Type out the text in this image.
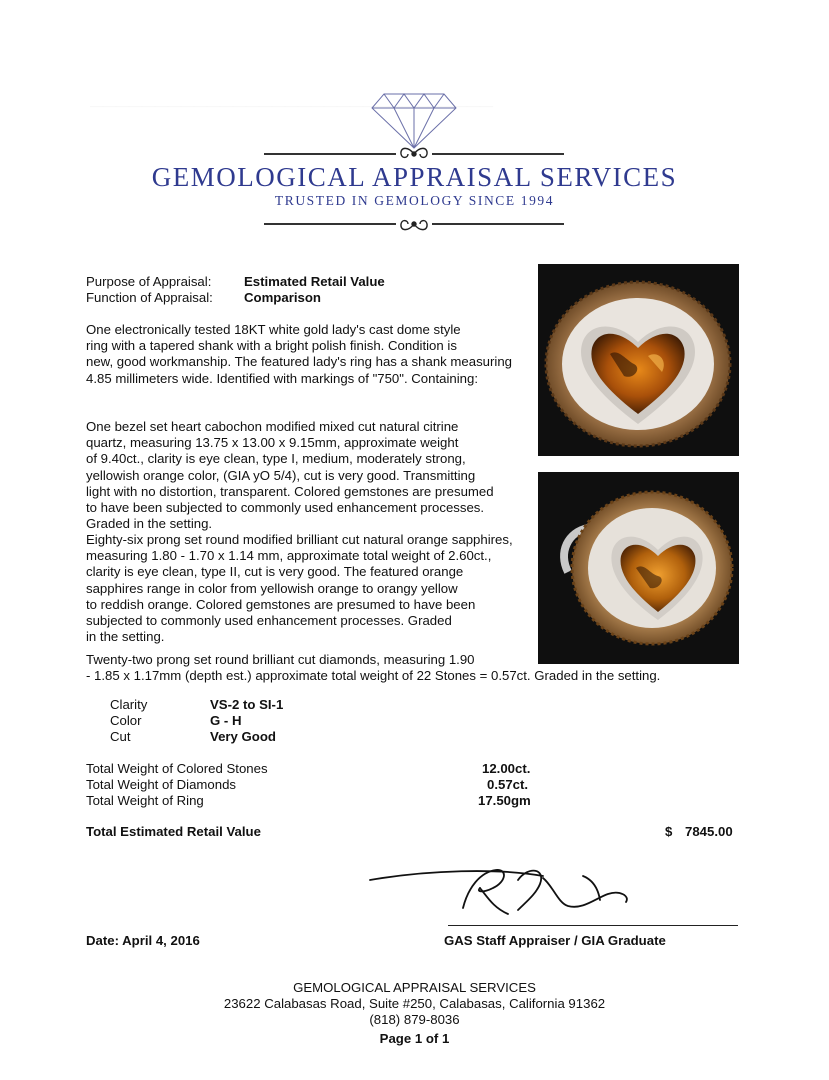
———————————————————————————————
GEMOLOGICAL APPRAISAL SERVICES
TRUSTED IN GEMOLOGY SINCE 1994
Purpose of Appraisal: Estimated Retail Value
Function of Appraisal: Comparison
One electronically tested 18KT white gold lady's cast dome style
ring with a tapered shank with a bright polish finish. Condition is
new, good workmanship. The featured lady's ring has a shank measuring
4.85 millimeters wide. Identified with markings of "750". Containing:
One bezel set heart cabochon modified mixed cut natural citrine
quartz, measuring 13.75 x 13.00 x 9.15mm, approximate weight
of 9.40ct., clarity is eye clean, type I, medium, moderately strong,
yellowish orange color, (GIA yO 5/4), cut is very good. Transmitting
light with no distortion, transparent. Colored gemstones are presumed
to have been subjected to commonly used enhancement processes.
Graded in the setting.
Eighty-six prong set round modified brilliant cut natural orange sapphires,
measuring 1.80 - 1.70 x 1.14 mm, approximate total weight of 2.60ct.,
clarity is eye clean, type II, cut is very good. The featured orange
sapphires range in color from yellowish orange to orangy yellow
to reddish orange. Colored gemstones are presumed to have been
subjected to commonly used enhancement processes. Graded
in the setting.
Twenty-two prong set round brilliant cut diamonds, measuring 1.90
- 1.85 x 1.17mm (depth est.) approximate total weight of 22 Stones = 0.57ct. Graded in the setting.
Clarity	VS-2 to SI-1
Color	G - H
Cut	Very Good
Total Weight of Colored Stones	12.00ct.
Total Weight of Diamonds	0.57ct.
Total Weight of Ring	17.50gm
Total Estimated Retail Value	$ 7845.00
Date: April 4, 2016	GAS Staff Appraiser / GIA Graduate
GEMOLOGICAL APPRAISAL SERVICES
23622 Calabasas Road, Suite #250, Calabasas, California 91362
(818) 879-8036
Page 1 of 1
